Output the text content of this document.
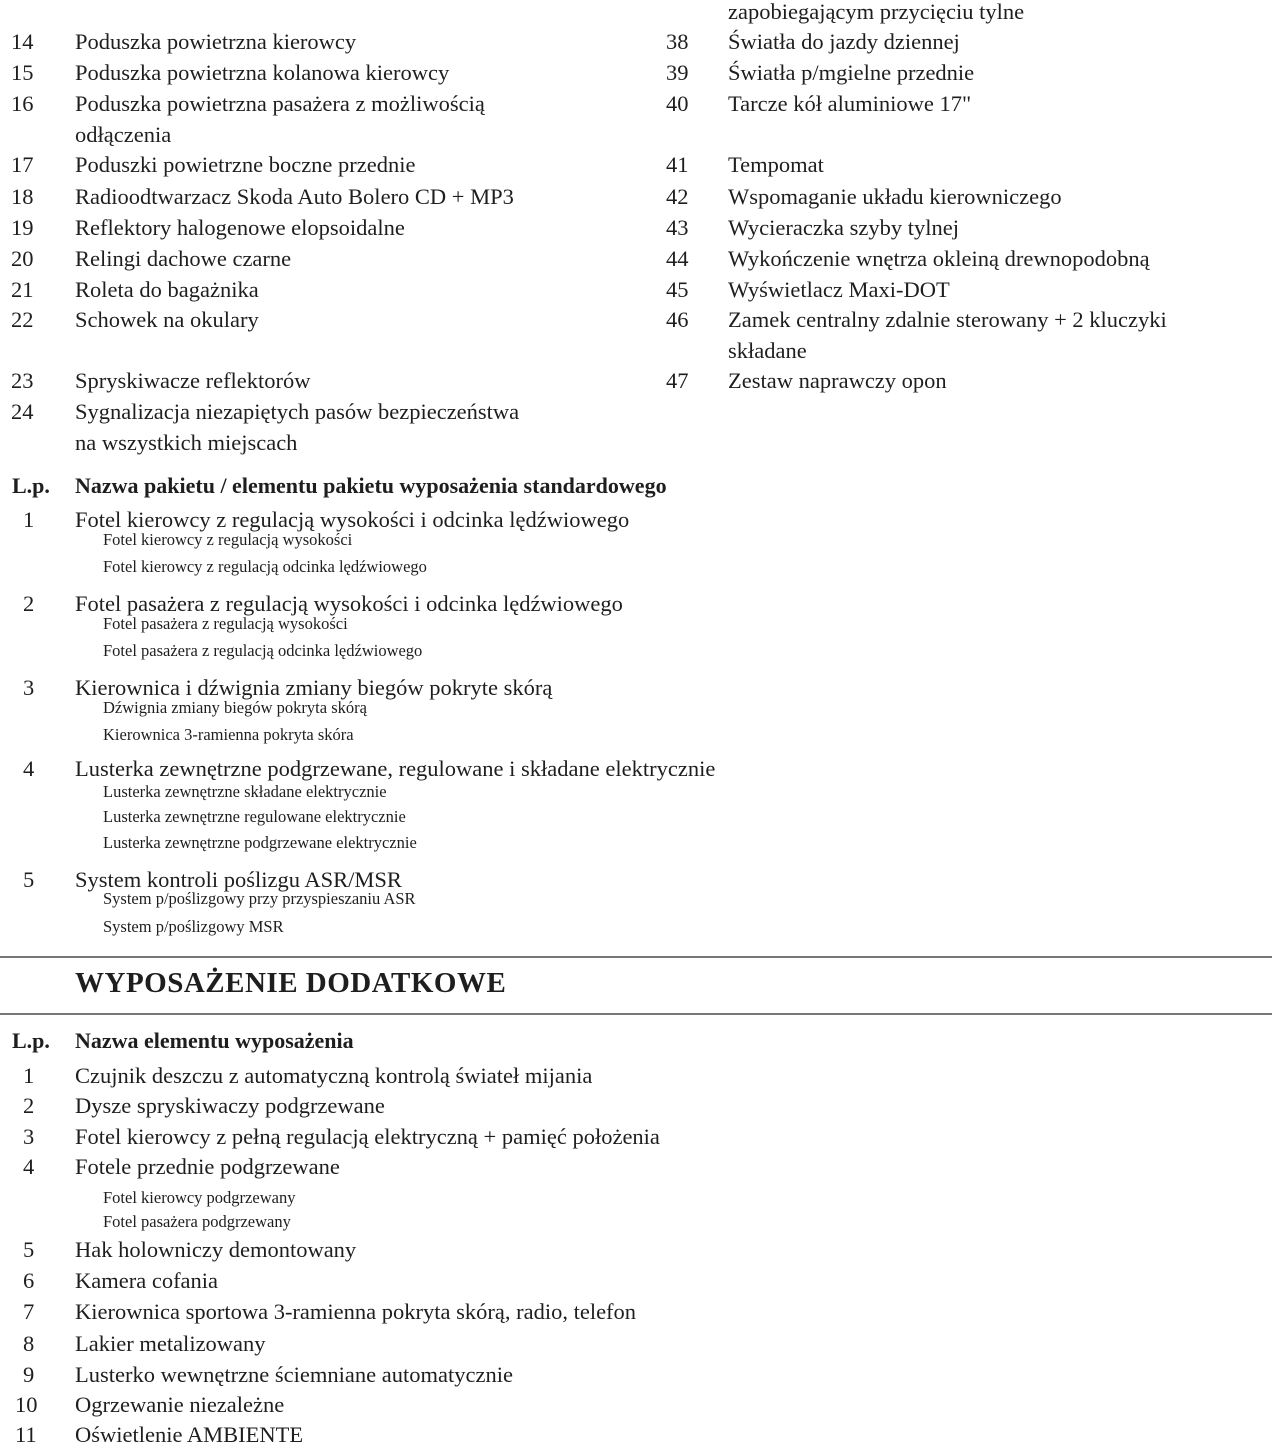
14	Poduszka powietrzna kierowcy
15	Poduszka powietrzna kolanowa kierowcy
16	Poduszka powietrzna pasażera z możliwością
odłączenia
17	Poduszki powietrzne boczne przednie
18	Radioodtwarzacz Skoda Auto Bolero CD + MP3
19	Reflektory halogenowe elopsoidalne
20	Relingi dachowe czarne
21	Roleta do bagażnika
22	Schowek na okulary
23	Spryskiwacze reflektorów
24	Sygnalizacja niezapiętych pasów bezpieczeństwa
na wszystkich miejscach
zapobiegającym przycięciu tylne
38	Światła do jazdy dziennej
39	Światła p/mgielne przednie
40	Tarcze kół aluminiowe 17"
41	Tempomat
42	Wspomaganie układu kierowniczego
43	Wycieraczka szyby tylnej
44	Wykończenie wnętrza okleiną drewnopodobną
45	Wyświetlacz Maxi-DOT
46	Zamek centralny zdalnie sterowany + 2 kluczyki
składane
47	Zestaw naprawczy opon
L.p. Nazwa pakietu / elementu pakietu wyposażenia standardowego
1	Fotel kierowcy z regulacją wysokości i odcinka lędźwiowego
Fotel kierowcy z regulacją wysokości
Fotel kierowcy z regulacją odcinka lędźwiowego
2	Fotel pasażera z regulacją wysokości i odcinka lędźwiowego
Fotel pasażera z regulacją wysokości
Fotel pasażera z regulacją odcinka lędźwiowego
3	Kierownica i dźwignia zmiany biegów pokryte skórą
Dźwignia zmiany biegów pokryta skórą
Kierownica 3-ramienna pokryta skóra
4	Lusterka zewnętrzne podgrzewane, regulowane i składane elektrycznie
Lusterka zewnętrzne składane elektrycznie
Lusterka zewnętrzne regulowane elektrycznie
Lusterka zewnętrzne podgrzewane elektrycznie
5	System kontroli poślizgu ASR/MSR
System p/poślizgowy przy przyspieszaniu ASR
System p/poślizgowy MSR
WYPOSAŻENIE DODATKOWE
L.p. Nazwa elementu wyposażenia
1	Czujnik deszczu z automatyczną kontrolą świateł mijania
2	Dysze spryskiwaczy podgrzewane
3	Fotel kierowcy z pełną regulacją elektryczną + pamięć położenia
4	Fotele przednie podgrzewane
Fotel kierowcy podgrzewany
Fotel pasażera podgrzewany
5	Hak holowniczy demontowany
6	Kamera cofania
7	Kierownica sportowa 3-ramienna pokryta skórą, radio, telefon
8	Lakier metalizowany
9	Lusterko wewnętrzne ściemniane automatycznie
10	Ogrzewanie niezależne
11	Oświetlenie AMBIENTE
